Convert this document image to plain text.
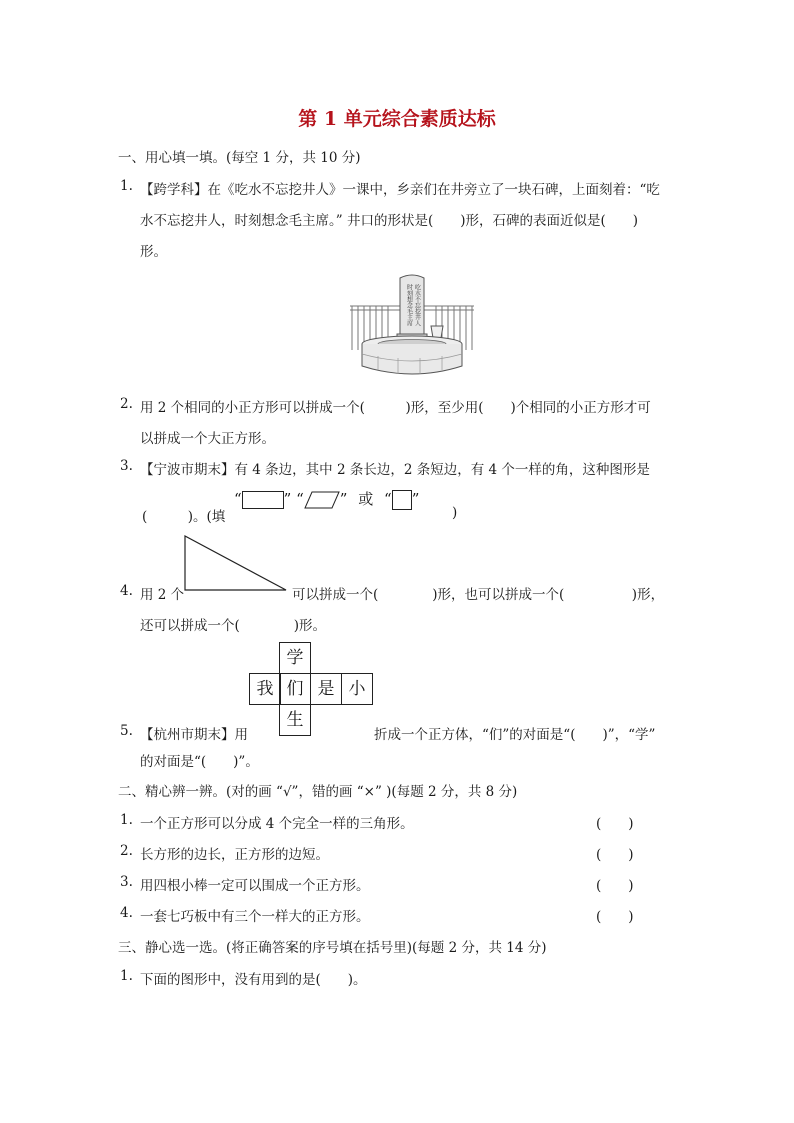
第 1 单元综合素质达标
一、用心填一填。(每空 1 分，共 10 分)
1. 【跨学科】在《吃水不忘挖井人》一课中，乡亲们在井旁立了一块石碑，上面刻着：“吃
水不忘挖井人，时刻想念毛主席。” 井口的形状是(　　)形，石碑的表面近似是(　　)
形。
时刻想念毛主席 吃水不忘挖井人
2. 用 2 个相同的小正方形可以拼成一个(　　　)形，至少用(　　)个相同的小正方形才可
以拼成一个大正方形。
3. 【宁波市期末】有 4 条边，其中 2 条长边，2 条短边，有 4 个一样的角，这种图形是
“	” “ ” 或 “ ”
(　　　)。(填	)
4. 用 2 个	可以拼成一个(　　　　)形，也可以拼成一个(　　　　　)形，
还可以拼成一个(　　　　)形。
学
我 们 是 小
生
5. 【杭州市期末】用	折成一个正方体，“们”的对面是“(　　)”，“学”
的对面是“(　　)”。
二、精心辨一辨。(对的画 “√”，错的画 “×” )(每题 2 分，共 8 分)
1. 一个正方形可以分成 4 个完全一样的三角形。	(　　)
2. 长方形的边长，正方形的边短。	(　　)
3. 用四根小棒一定可以围成一个正方形。	(　　)
4. 一套七巧板中有三个一样大的正方形。	(　　)
三、静心选一选。(将正确答案的序号填在括号里)(每题 2 分，共 14 分)
1. 下面的图形中，没有用到的是(　　)。
